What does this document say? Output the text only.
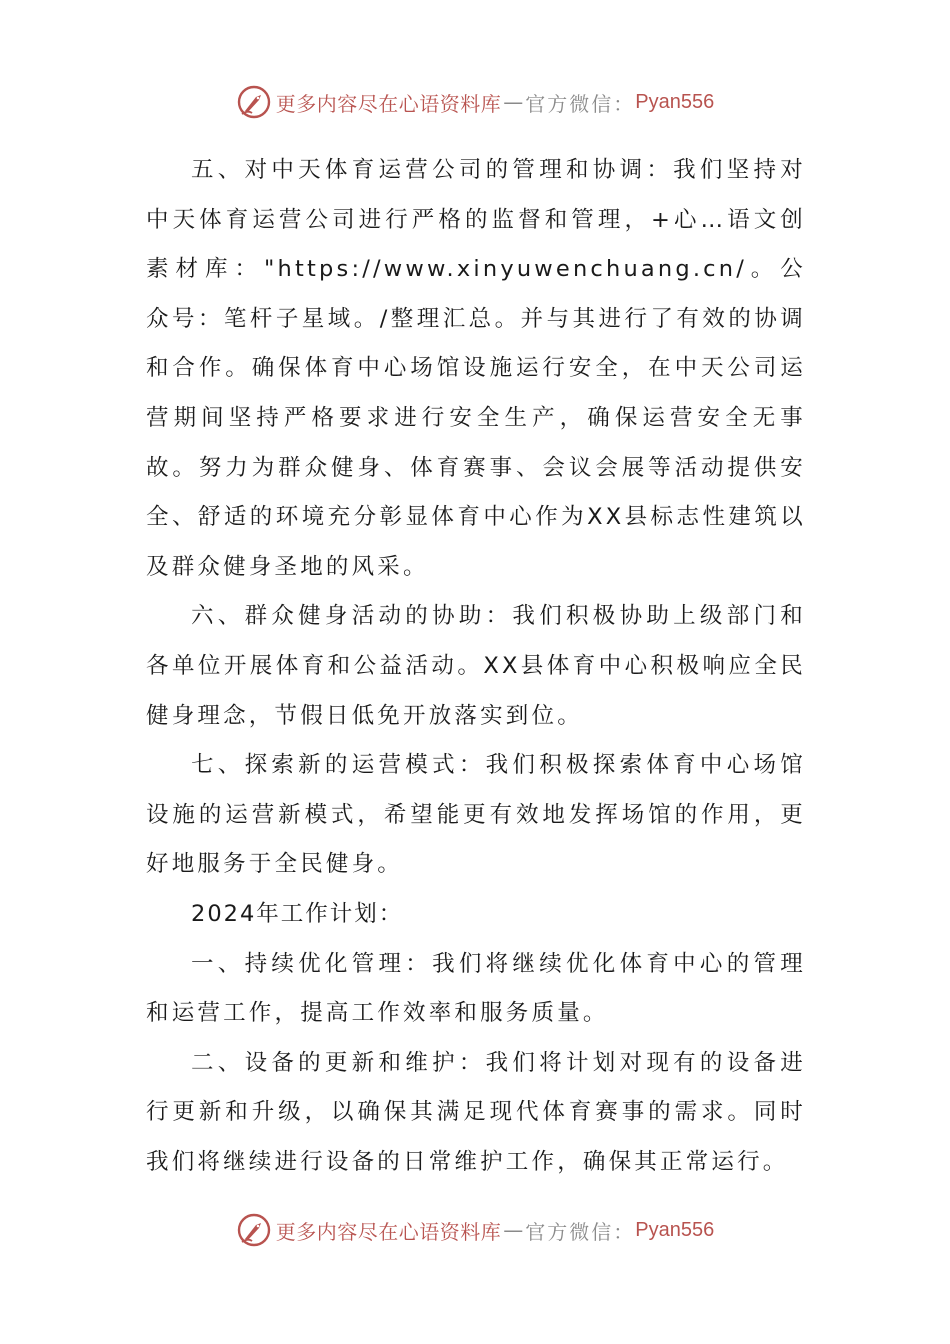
更多内容尽在心语资料库 — 官方微信： Pyan556

五、对中天体育运营公司的管理和协调：我们坚持对中天体育运营公司进行严格的监督和管理，+心…语文创素材库："https://www.xinyuwenchuang.cn/。公众号：笔杆子星域。/整理汇总。并与其进行了有效的协调和合作。确保体育中心场馆设施运行安全，在中天公司运营期间坚持严格要求进行安全生产，确保运营安全无事故。努力为群众健身、体育赛事、会议会展等活动提供安全、舒适的环境充分彰显体育中心作为XX县标志性建筑以及群众健身圣地的风采。

六、群众健身活动的协助：我们积极协助上级部门和各单位开展体育和公益活动。XX县体育中心积极响应全民健身理念，节假日低免开放落实到位。

七、探索新的运营模式：我们积极探索体育中心场馆设施的运营新模式，希望能更有效地发挥场馆的作用，更好地服务于全民健身。

2024年工作计划：

一、持续优化管理：我们将继续优化体育中心的管理和运营工作，提高工作效率和服务质量。

二、设备的更新和维护：我们将计划对现有的设备进行更新和升级，以确保其满足现代体育赛事的需求。同时我们将继续进行设备的日常维护工作，确保其正常运行。

更多内容尽在心语资料库 — 官方微信： Pyan556
